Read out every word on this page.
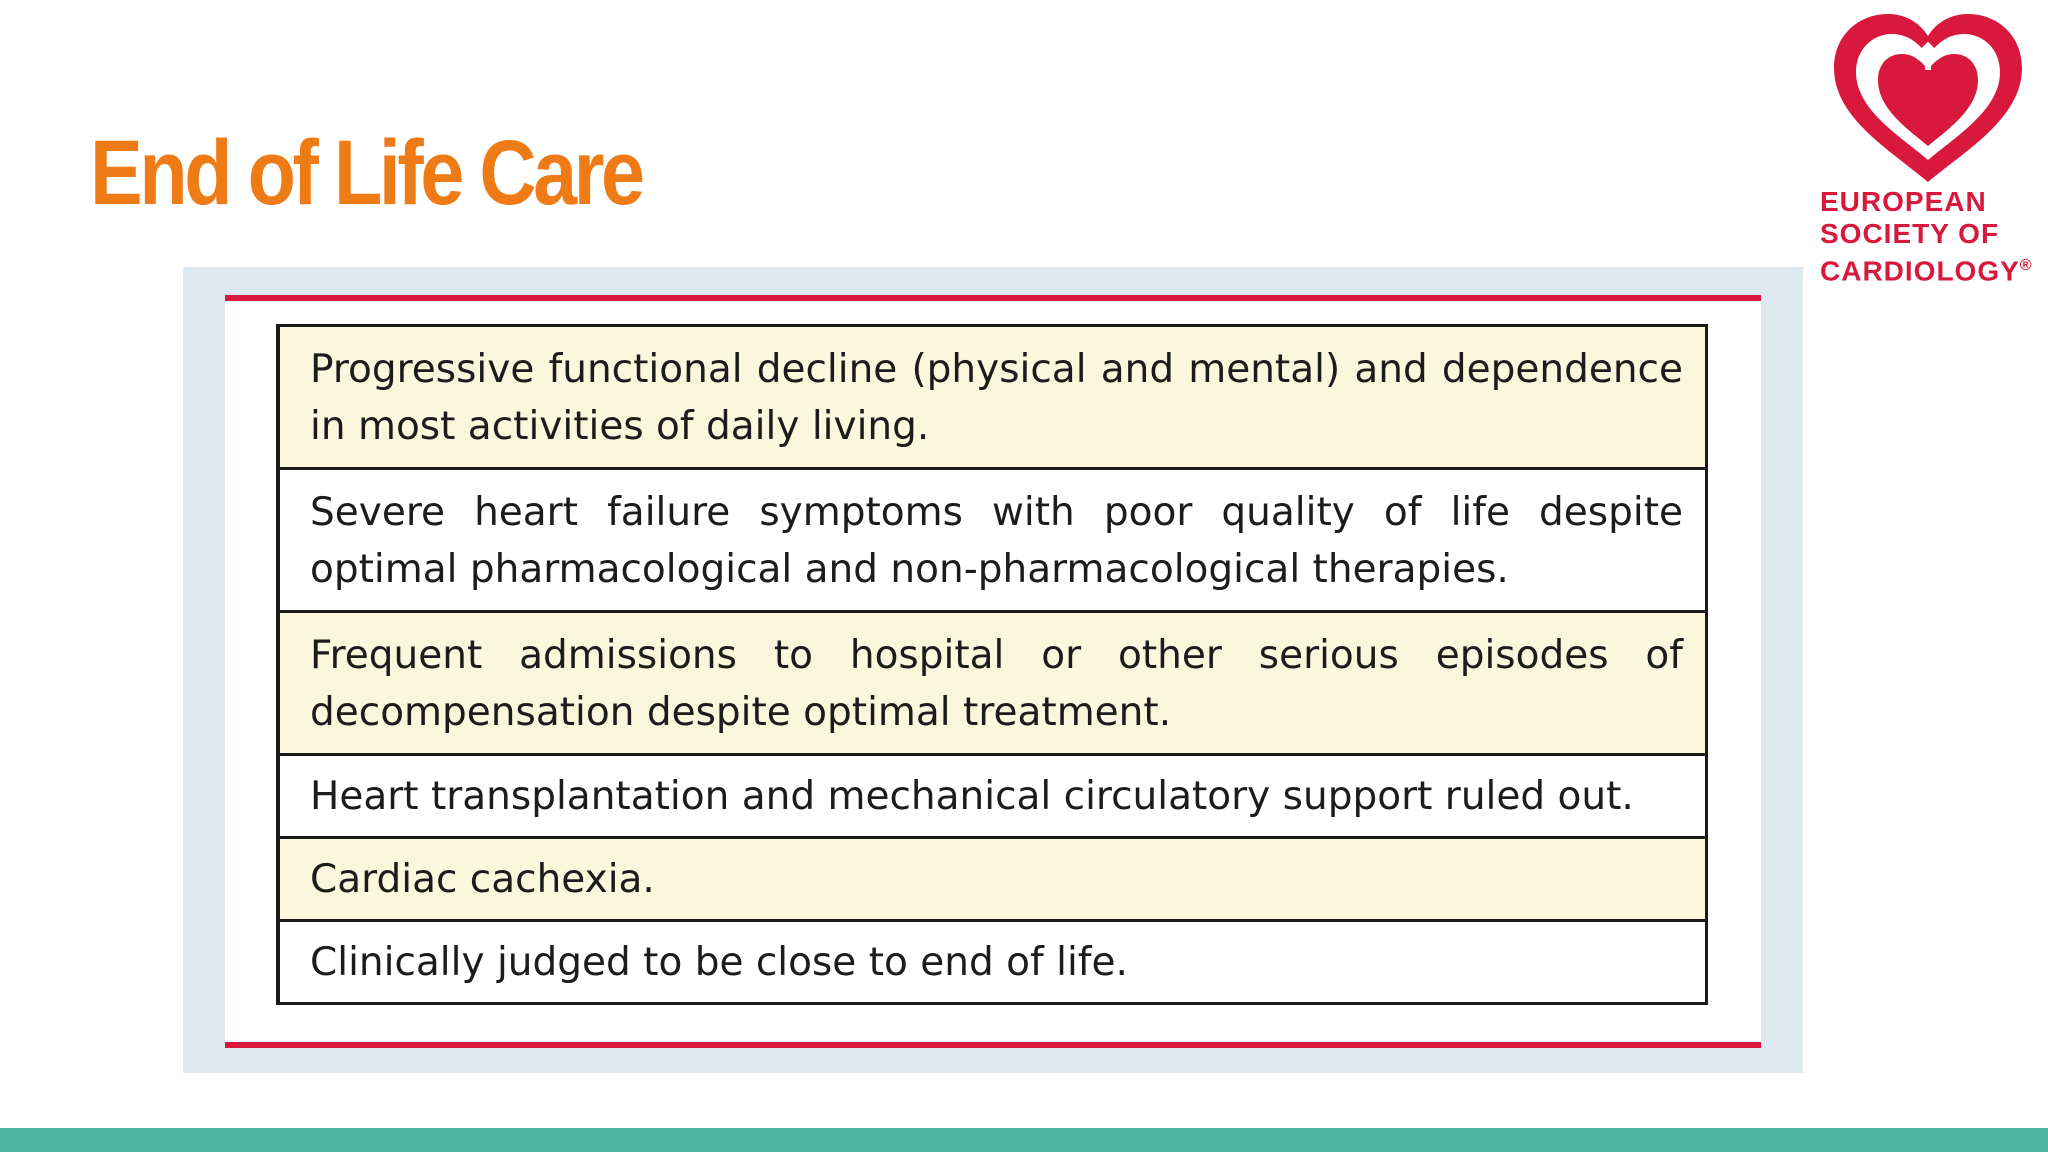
End of Life Care	EUROPEAN
SOCIETY OF
CARDIOLOGY®
Progressive functional decline (physical and mental) and dependence in most activities of daily living.
Severe heart failure symptoms with poor quality of life despite optimal pharmacological and non-pharmacological therapies.
Frequent admissions to hospital or other serious episodes of decompensation despite optimal treatment.
Heart transplantation and mechanical circulatory support ruled out.
Cardiac cachexia.
Clinically judged to be close to end of life.
